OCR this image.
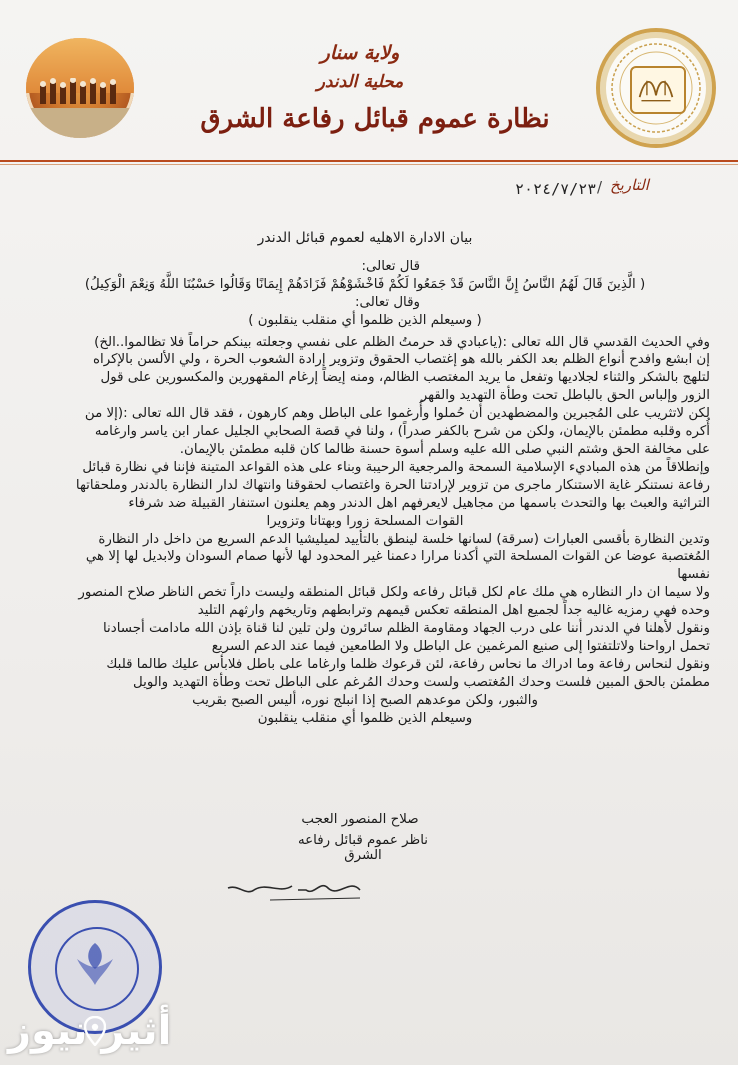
ولاية سنار
محلية الدندر
نظارة عموم قبائل رفاعة الشرق
التاريخ
/
٢٠٢٤/٧/٢٣

بيان الادارة الاهليه لعموم قبائل الدندر

قال تعالى:

( الَّذِينَ قَالَ لَهُمُ النَّاسُ إِنَّ النَّاسَ قَدْ جَمَعُوا لَكُمْ فَاخْشَوْهُمْ فَزَادَهُمْ إِيمَانًا وَقَالُوا حَسْبُنَا اللَّهُ وَنِعْمَ الْوَكِيلُ)

وقال تعالى:

( وسيعلم الذين ظلموا أي منقلب ينقلبون )

وفي الحديث القدسي قال الله تعالى :(ياعبادي قد حرمتُ الظلم على نفسي وجعلته بينكم حراماً فلا تظالموا..الخ)

إن ابشع وافدح أنواع الظلم بعد الكفر بالله هو إغتصاب الحقوق وتزوير إرادة الشعوب الحرة ، ولي الألسن بالإكراه

لتلهج بالشكر والثناء لجلاديها وتفعل ما يريد المغتصب الظالم، ومنه إيضاً إرغام المقهورين والمكسورين على قول

الزور وإلباس الحق بالباطل تحت وطأة التهديد والقهر

لكن لاتثريب على المُجبرين والمضطهدين أن حُملوا وأُرغموا على الباطل وهم كارهون ، فقد قال الله تعالى :(إلا من

أُكره وقلبه مطمئن بالإيمان، ولكن من شرح بالكفر صدراً) ، ولنا في قصة الصحابي الجليل عمار ابن ياسر وارغامه

على مخالفة الحق وشتم النبي صلى الله عليه وسلم أسوة حسنة ظالما كان قلبه مطمئن بالإيمان.

وإنطلاقاً من هذه المباديء الإسلامية السمحة والمرجعية الرحيبة وبناء على هذه القواعد المتينة فإننا في نظارة قبائل

رفاعة نستنكر غاية الاستنكار ماجرى من تزوير لإرادتنا الحرة واغتصاب لحقوقنا وانتهاك لدار النظارة بالدندر وملحقاتها

التراثية والعبث بها والتحدث باسمها من مجاهيل لايعرفهم اهل الدندر وهم يعلنون استنفار القبيلة ضد شرفاء

القوات المسلحة زورا وبهتانا وتزويرا

وتدين النظارة بأقسى العبارات (سرقة) لسانها خلسة لينطق بالتأييد لميليشيا الدعم السريع من داخل دار النظارة

المُغتصبة عوضا عن القوات المسلحة التي أكدنا مرارا دعمنا غير المحدود لها لأنها صمام السودان ولابديل لها إلا هي

نفسها

ولا سيما ان دار النظاره هي ملك عام لكل قبائل رفاعه ولكل قبائل المنطقه وليست داراً تخص الناظر صلاح المنصور

وحده فهي رمزيه غاليه جداً لجميع اهل المنطقه تعكس قيمهم وترابطهم وتاريخهم وارثهم التليد

ونقول لأهلنا في الدندر أننا على درب الجهاد ومقاومة الظلم سائرون ولن تلين لنا قناة بإذن الله مادامت أجسادنا

تحمل ارواحنا ولاتلتفتوا إلى صنيع المرغمين عل الباطل ولا الطامعين فيما عند الدعم السريع

ونقول لنحاس رفاعة وما ادراك ما نحاس رفاعة، لئن قرعوك ظلما وارغاما على باطل فلابأس عليك طالما قلبك

مطمئن بالحق المبين فلست وحدك المُغتصب ولست وحدك المُرغم على الباطل تحت وطأة التهديد والويل

والثبور، ولكن موعدهم الصبح إذا انبلج نوره، أليس الصبح بقريب

وسيعلم الذين ظلموا أي منقلب ينقلبون

صلاح المنصور العجب
ناظر عموم قبائل رفاعه الشرق
أثير نيوز
